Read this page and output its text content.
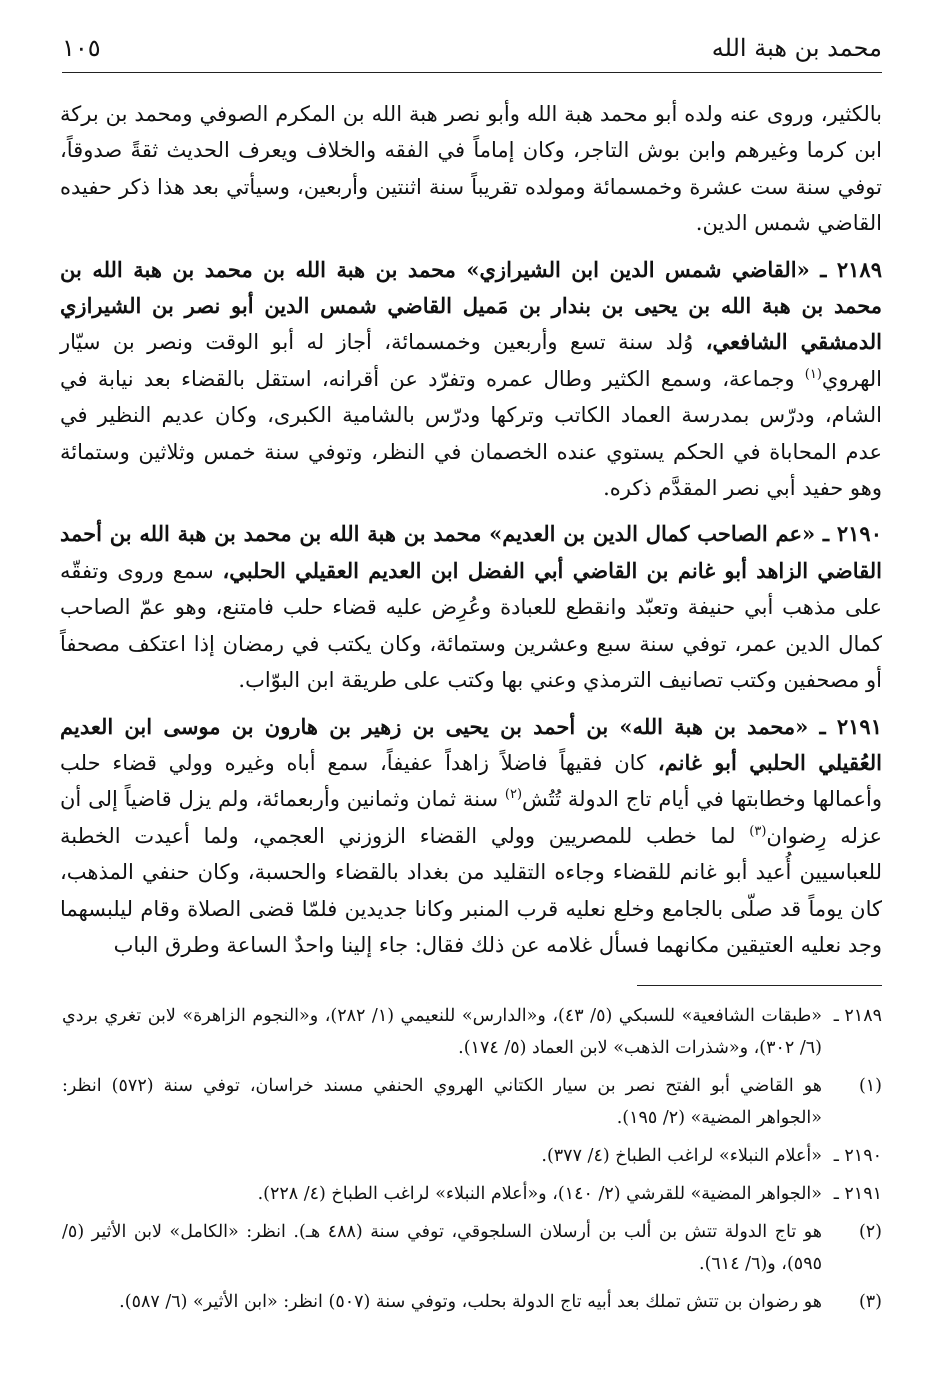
محمد بن هبة الله
١٠٥

بالكثير، وروى عنه ولده أبو محمد هبة الله وأبو نصر هبة الله بن المكرم الصوفي ومحمد بن بركة ابن كرما وغيرهم وابن بوش التاجر، وكان إماماً في الفقه والخلاف ويعرف الحديث ثقةً صدوقاً، توفي سنة ست عشرة وخمسمائة ومولده تقريباً سنة اثنتين وأربعين، وسيأتي بعد هذا ذكر حفيده القاضي شمس الدين.

٢١٨٩ ـ «القاضي شمس الدين ابن الشيرازي» محمد بن هبة الله بن محمد بن هبة الله بن محمد بن هبة الله بن يحيى بن بندار بن مَميل القاضي شمس الدين أبو نصر بن الشيرازي الدمشقي الشافعي، وُلد سنة تسع وأربعين وخمسمائة، أجاز له أبو الوقت ونصر بن سيّار الهروي$^{(١)}$ وجماعة، وسمع الكثير وطال عمره وتفرّد عن أقرانه، استقل بالقضاء بعد نيابة في الشام، ودرّس بمدرسة العماد الكاتب وتركها ودرّس بالشامية الكبرى، وكان عديم النظير في عدم المحاباة في الحكم يستوي عنده الخصمان في النظر، وتوفي سنة خمس وثلاثين وستمائة وهو حفيد أبي نصر المقدَّم ذكره.

٢١٩٠ ـ «عم الصاحب كمال الدين بن العديم» محمد بن هبة الله بن محمد بن هبة الله بن أحمد القاضي الزاهد أبو غانم بن القاضي أبي الفضل ابن العديم العقيلي الحلبي، سمع وروى وتفقّه على مذهب أبي حنيفة وتعبّد وانقطع للعبادة وعُرِض عليه قضاء حلب فامتنع، وهو عمّ الصاحب كمال الدين عمر، توفي سنة سبع وعشرين وستمائة، وكان يكتب في رمضان إذا اعتكف مصحفاً أو مصحفين وكتب تصانيف الترمذي وعني بها وكتب على طريقة ابن البوّاب.

٢١٩١ ـ «محمد بن هبة الله» بن أحمد بن يحيى بن زهير بن هارون بن موسى ابن العديم العُقيلي الحلبي أبو غانم، كان فقيهاً فاضلاً زاهداً عفيفاً، سمع أباه وغيره وولي قضاء حلب وأعمالها وخطابتها في أيام تاج الدولة تُتُش$^{(٢)}$ سنة ثمان وثمانين وأربعمائة، ولم يزل قاضياً إلى أن عزله رِضوان$^{(٣)}$ لما خطب للمصريين وولي القضاء الزوزني العجمي، ولما أعيدت الخطبة للعباسيين أُعيد أبو غانم للقضاء وجاءه التقليد من بغداد بالقضاء والحسبة، وكان حنفي المذهب، كان يوماً قد صلّى بالجامع وخلع نعليه قرب المنبر وكانا جديدين فلمّا قضى الصلاة وقام ليلبسهما وجد نعليه العتيقين مكانهما فسأل غلامه عن ذلك فقال: جاء إلينا واحدٌ الساعة وطرق الباب

٢١٨٩ ـ
«طبقات الشافعية» للسبكي (٥/ ٤٣)، و«الدارس» للنعيمي (١/ ٢٨٢)، و«النجوم الزاهرة» لابن تغري بردي (٦/ ٣٠٢)، و«شذرات الذهب» لابن العماد (٥/ ١٧٤).
(١)
هو القاضي أبو الفتح نصر بن سيار الكتاني الهروي الحنفي مسند خراسان، توفي سنة (٥٧٢) انظر: «الجواهر المضية» (٢/ ١٩٥).
٢١٩٠ ـ
«أعلام النبلاء» لراغب الطباخ (٤/ ٣٧٧).
٢١٩١ ـ
«الجواهر المضية» للقرشي (٢/ ١٤٠)، و«أعلام النبلاء» لراغب الطباخ (٤/ ٢٢٨).
(٢)
هو تاج الدولة تتش بن ألب بن أرسلان السلجوقي، توفي سنة (٤٨٨ هـ). انظر: «الكامل» لابن الأثير (٥/ ٥٩٥)، و(٦/ ٦١٤).
(٣)
هو رضوان بن تتش تملك بعد أبيه تاج الدولة بحلب، وتوفي سنة (٥٠٧) انظر: «ابن الأثير» (٦/ ٥٨٧).
